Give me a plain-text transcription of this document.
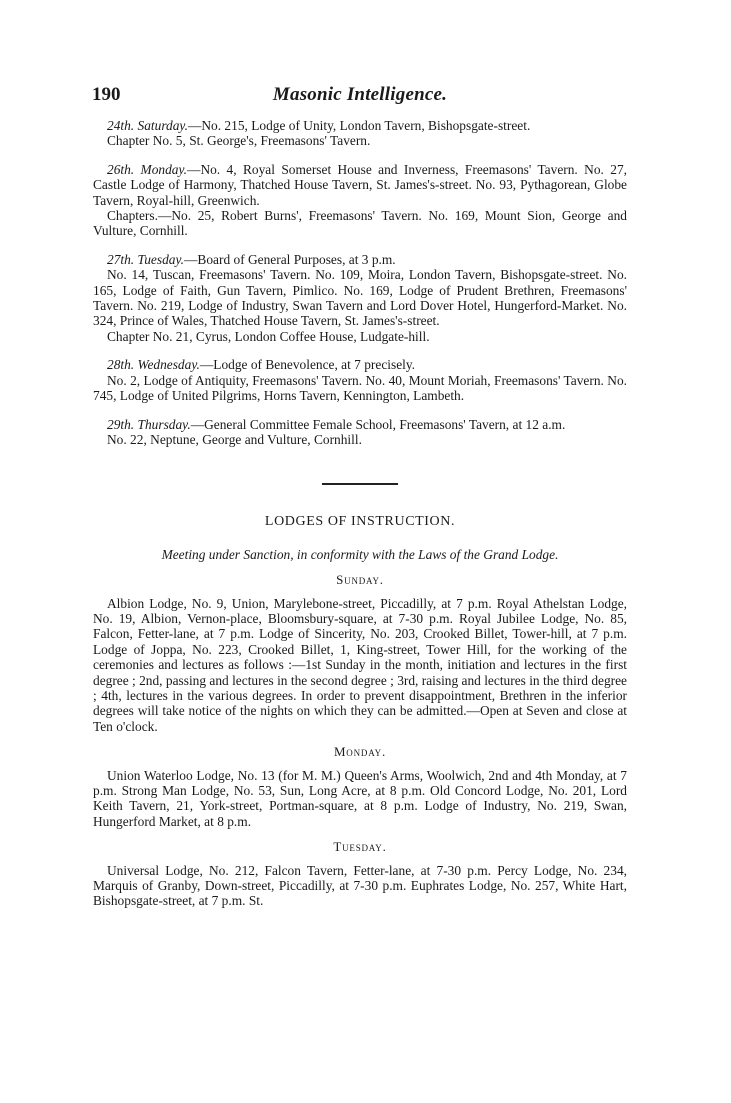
190	Masonic Intelligence.

24th. Saturday.—No. 215, Lodge of Unity, London Tavern, Bishopsgate-street.

Chapter No. 5, St. George's, Freemasons' Tavern.

26th. Monday.—No. 4, Royal Somerset House and Inverness, Freemasons' Tavern. No. 27, Castle Lodge of Harmony, Thatched House Tavern, St. James's-street. No. 93, Pythagorean, Globe Tavern, Royal-hill, Greenwich.

Chapters.—No. 25, Robert Burns', Freemasons' Tavern. No. 169, Mount Sion, George and Vulture, Cornhill.

27th. Tuesday.—Board of General Purposes, at 3 p.m.

No. 14, Tuscan, Freemasons' Tavern. No. 109, Moira, London Tavern, Bishopsgate-street. No. 165, Lodge of Faith, Gun Tavern, Pimlico. No. 169, Lodge of Prudent Brethren, Freemasons' Tavern. No. 219, Lodge of Industry, Swan Tavern and Lord Dover Hotel, Hungerford-Market. No. 324, Prince of Wales, Thatched House Tavern, St. James's-street.

Chapter No. 21, Cyrus, London Coffee House, Ludgate-hill.

28th. Wednesday.—Lodge of Benevolence, at 7 precisely.

No. 2, Lodge of Antiquity, Freemasons' Tavern. No. 40, Mount Moriah, Freemasons' Tavern. No. 745, Lodge of United Pilgrims, Horns Tavern, Kennington, Lambeth.

29th. Thursday.—General Committee Female School, Freemasons' Tavern, at 12 a.m.

No. 22, Neptune, George and Vulture, Cornhill.

LODGES OF INSTRUCTION.
Meeting under Sanction, in conformity with the Laws of the Grand Lodge.
Sunday.

Albion Lodge, No. 9, Union, Marylebone-street, Piccadilly, at 7 p.m. Royal Athelstan Lodge, No. 19, Albion, Vernon-place, Bloomsbury-square, at 7-30 p.m. Royal Jubilee Lodge, No. 85, Falcon, Fetter-lane, at 7 p.m. Lodge of Sincerity, No. 203, Crooked Billet, Tower-hill, at 7 p.m. Lodge of Joppa, No. 223, Crooked Billet, 1, King-street, Tower Hill, for the working of the ceremonies and lectures as follows :—1st Sunday in the month, initiation and lectures in the first degree ; 2nd, passing and lectures in the second degree ; 3rd, raising and lectures in the third degree ; 4th, lectures in the various degrees. In order to prevent disappointment, Brethren in the inferior degrees will take notice of the nights on which they can be admitted.—Open at Seven and close at Ten o'clock.

Monday.

Union Waterloo Lodge, No. 13 (for M. M.) Queen's Arms, Woolwich, 2nd and 4th Monday, at 7 p.m. Strong Man Lodge, No. 53, Sun, Long Acre, at 8 p.m. Old Concord Lodge, No. 201, Lord Keith Tavern, 21, York-street, Portman-square, at 8 p.m. Lodge of Industry, No. 219, Swan, Hungerford Market, at 8 p.m.

Tuesday.

Universal Lodge, No. 212, Falcon Tavern, Fetter-lane, at 7-30 p.m. Percy Lodge, No. 234, Marquis of Granby, Down-street, Piccadilly, at 7-30 p.m. Euphrates Lodge, No. 257, White Hart, Bishopsgate-street, at 7 p.m. St.
